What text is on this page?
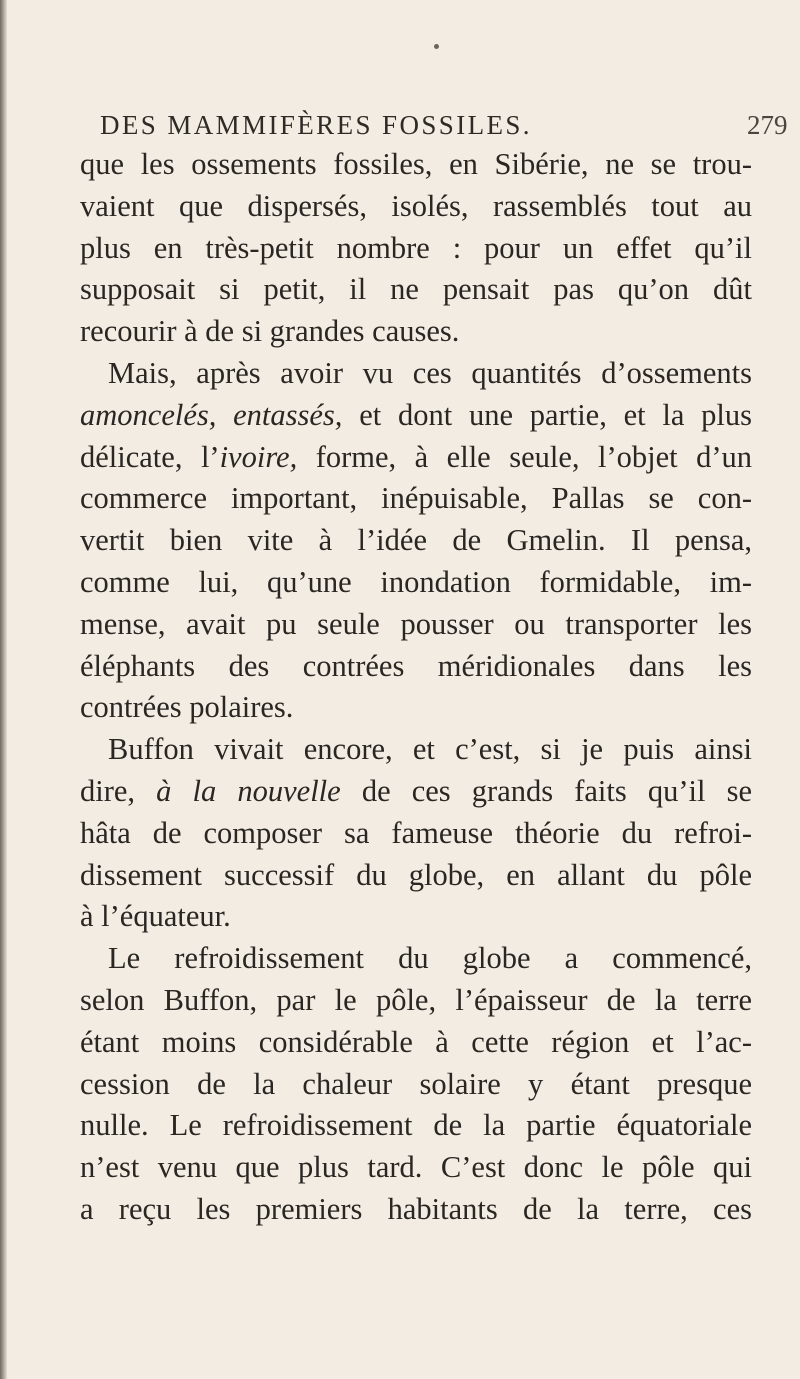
DES MAMMIFÈRES FOSSILES.	279
que les ossements fossiles, en Sibérie, ne se trou-
vaient que dispersés, isolés, rassemblés tout au
plus en très-petit nombre : pour un effet qu’il
supposait si petit, il ne pensait pas qu’on dût
recourir à de si grandes causes.
Mais, après avoir vu ces quantités d’ossements
amoncelés, entassés, et dont une partie, et la plus
délicate, l’ivoire, forme, à elle seule, l’objet d’un
commerce important, inépuisable, Pallas se con-
vertit bien vite à l’idée de Gmelin. Il pensa,
comme lui, qu’une inondation formidable, im-
mense, avait pu seule pousser ou transporter les
éléphants des contrées méridionales dans les
contrées polaires.
Buffon vivait encore, et c’est, si je puis ainsi
dire, à la nouvelle de ces grands faits qu’il se
hâta de composer sa fameuse théorie du refroi-
dissement successif du globe, en allant du pôle
à l’équateur.
Le refroidissement du globe a commencé,
selon Buffon, par le pôle, l’épaisseur de la terre
étant moins considérable à cette région et l’ac-
cession de la chaleur solaire y étant presque
nulle. Le refroidissement de la partie équatoriale
n’est venu que plus tard. C’est donc le pôle qui
a reçu les premiers habitants de la terre, ces
